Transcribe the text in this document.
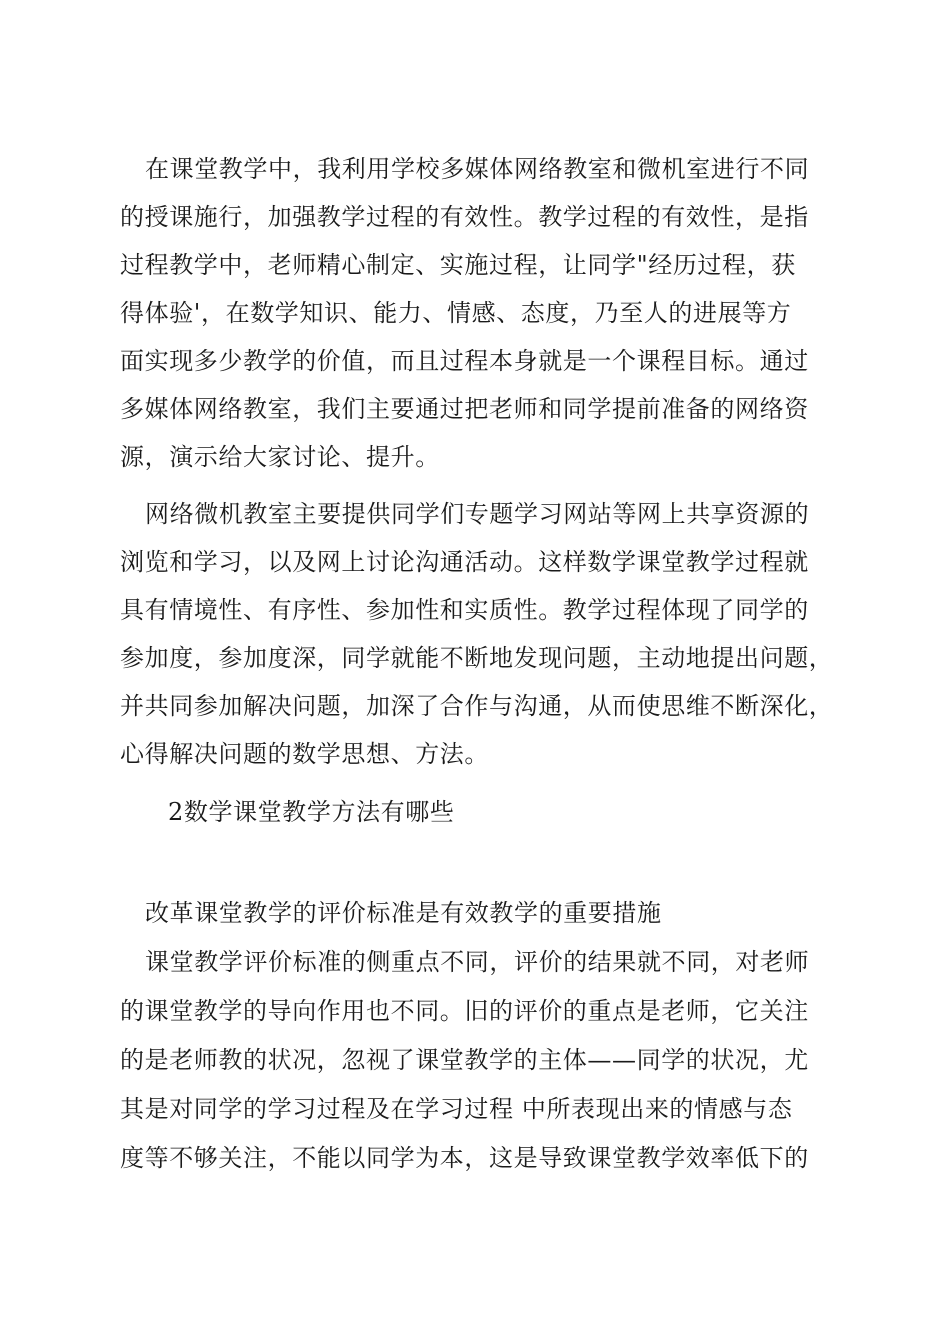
在课堂教学中，我利用学校多媒体网络教室和微机室进行不同
的授课施行，加强教学过程的有效性。教学过程的有效性，是指
过程教学中，老师精心制定、实施过程，让同学"经历过程，获
得体验'，在数学知识、能力、情感、态度，乃至人的进展等方
面实现多少教学的价值，而且过程本身就是一个课程目标。通过
多媒体网络教室，我们主要通过把老师和同学提前准备的网络资
源，演示给大家讨论、提升。
网络微机教室主要提供同学们专题学习网站等网上共享资源的
浏览和学习，以及网上讨论沟通活动。这样数学课堂教学过程就
具有情境性、有序性、参加性和实质性。教学过程体现了同学的
参加度，参加度深，同学就能不断地发现问题，主动地提出问题，
并共同参加解决问题，加深了合作与沟通，从而使思维不断深化，
心得解决问题的数学思想、方法。
2数学课堂教学方法有哪些
改革课堂教学的评价标准是有效教学的重要措施
课堂教学评价标准的侧重点不同，评价的结果就不同，对老师
的课堂教学的导向作用也不同。旧的评价的重点是老师，它关注
的是老师教的状况，忽视了课堂教学的主体——同学的状况，尤
其是对同学的学习过程及在学习过程 中所表现出来的情感与态
度等不够关注，不能以同学为本，这是导致课堂教学效率低下的
